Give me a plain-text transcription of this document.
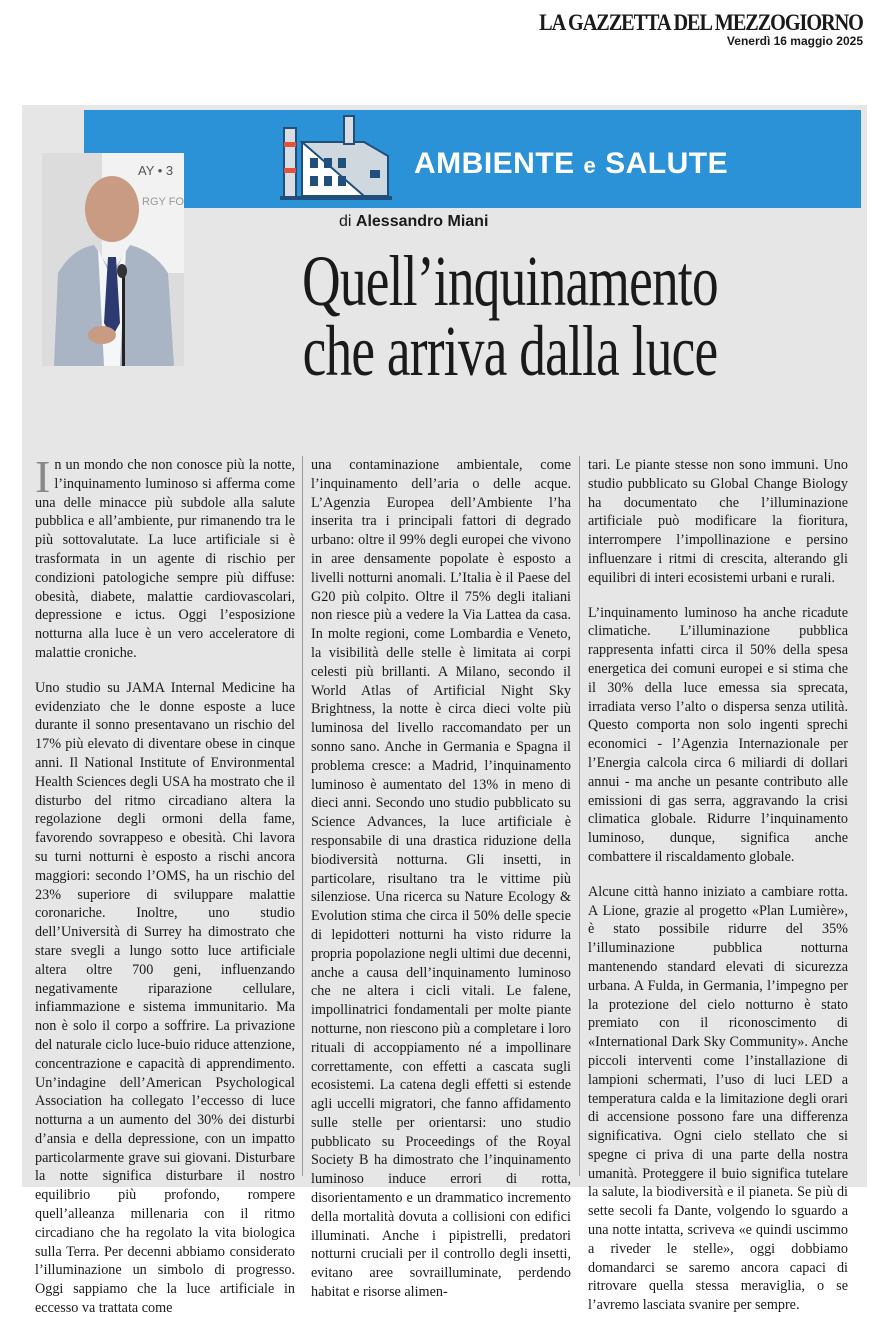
LA GAZZETTA DEL MEZZOGIORNO
Venerdì 16 maggio 2025
AMBIENTE e SALUTE
AY • 3
RGY FO
di Alessandro Miani
Quell’inquinamento
che arriva dalla luce

In un mondo che non conosce più la notte, l’inquinamento luminoso si afferma come una delle minacce più subdole alla salute pubblica e all’ambiente, pur rimanendo tra le più sottovalutate. La luce artificiale si è trasformata in un agente di rischio per condizioni patologiche sempre più diffuse: obesità, diabete, malattie cardiovascolari, depressione e ictus. Oggi l’esposizione notturna alla luce è un vero acceleratore di malattie croniche.

Uno studio su JAMA Internal Medicine ha evidenziato che le donne esposte a luce durante il sonno presentavano un rischio del 17% più elevato di diventare obese in cinque anni. Il National Institute of Environmental Health Sciences degli USA ha mostrato che il disturbo del ritmo circadiano altera la regolazione degli ormoni della fame, favorendo sovrappeso e obesità. Chi lavora su turni notturni è esposto a rischi ancora maggiori: secondo l’OMS, ha un rischio del 23% superiore di sviluppare malattie coronariche. Inoltre, uno studio dell’Università di Surrey ha dimostrato che stare svegli a lungo sotto luce artificiale altera oltre 700 geni, influenzando negativamente riparazione cellulare, infiammazione e sistema immunitario. Ma non è solo il corpo a soffrire. La privazione del naturale ciclo luce-buio riduce attenzione, concentrazione e capacità di apprendimento. Un’indagine dell’American Psychological Association ha collegato l’eccesso di luce notturna a un aumento del 30% dei disturbi d’ansia e della depressione, con un impatto particolarmente grave sui giovani. Disturbare la notte significa disturbare il nostro equilibrio più profondo, rompere quell’alleanza millenaria con il ritmo circadiano che ha regolato la vita biologica sulla Terra. Per decenni abbiamo considerato l’illuminazione un simbolo di progresso. Oggi sappiamo che la luce artificiale in eccesso va trattata come

una contaminazione ambientale, come l’inquinamento dell’aria o delle acque. L’Agenzia Europea dell’Ambiente l’ha inserita tra i principali fattori di degrado urbano: oltre il 99% degli europei che vivono in aree densamente popolate è esposto a livelli notturni anomali. L’Italia è il Paese del G20 più colpito. Oltre il 75% degli italiani non riesce più a vedere la Via Lattea da casa. In molte regioni, come Lombardia e Veneto, la visibilità delle stelle è limitata ai corpi celesti più brillanti. A Milano, secondo il World Atlas of Artificial Night Sky Brightness, la notte è circa dieci volte più luminosa del livello raccomandato per un sonno sano. Anche in Germania e Spagna il problema cresce: a Madrid, l’inquinamento luminoso è aumentato del 13% in meno di dieci anni. Secondo uno studio pubblicato su Science Advances, la luce artificiale è responsabile di una drastica riduzione della biodiversità notturna. Gli insetti, in particolare, risultano tra le vittime più silenziose. Una ricerca su Nature Ecology & Evolution stima che circa il 50% delle specie di lepidotteri notturni ha visto ridurre la propria popolazione negli ultimi due decenni, anche a causa dell’inquinamento luminoso che ne altera i cicli vitali. Le falene, impollinatrici fondamentali per molte piante notturne, non riescono più a completare i loro rituali di accoppiamento né a impollinare correttamente, con effetti a cascata sugli ecosistemi. La catena degli effetti si estende agli uccelli migratori, che fanno affidamento sulle stelle per orientarsi: uno studio pubblicato su Proceedings of the Royal Society B ha dimostrato che l’inquinamento luminoso induce errori di rotta, disorientamento e un drammatico incremento della mortalità dovuta a collisioni con edifici illuminati. Anche i pipistrelli, predatori notturni cruciali per il controllo degli insetti, evitano aree sovrailluminate, perdendo habitat e risorse alimen-

tari. Le piante stesse non sono immuni. Uno studio pubblicato su Global Change Biology ha documentato che l’illuminazione artificiale può modificare la fioritura, interrompere l’impollinazione e persino influenzare i ritmi di crescita, alterando gli equilibri di interi ecosistemi urbani e rurali.

L’inquinamento luminoso ha anche ricadute climatiche. L’illuminazione pubblica rappresenta infatti circa il 50% della spesa energetica dei comuni europei e si stima che il 30% della luce emessa sia sprecata, irradiata verso l’alto o dispersa senza utilità. Questo comporta non solo ingenti sprechi economici - l’Agenzia Internazionale per l’Energia calcola circa 6 miliardi di dollari annui - ma anche un pesante contributo alle emissioni di gas serra, aggravando la crisi climatica globale. Ridurre l’inquinamento luminoso, dunque, significa anche combattere il riscaldamento globale.

Alcune città hanno iniziato a cambiare rotta. A Lione, grazie al progetto «Plan Lumière», è stato possibile ridurre del 35% l’illuminazione pubblica notturna mantenendo standard elevati di sicurezza urbana. A Fulda, in Germania, l’impegno per la protezione del cielo notturno è stato premiato con il riconoscimento di «International Dark Sky Community». Anche piccoli interventi come l’installazione di lampioni schermati, l’uso di luci LED a temperatura calda e la limitazione degli orari di accensione possono fare una differenza significativa. Ogni cielo stellato che si spegne ci priva di una parte della nostra umanità. Proteggere il buio significa tutelare la salute, la biodiversità e il pianeta. Se più di sette secoli fa Dante, volgendo lo sguardo a una notte intatta, scriveva «e quindi uscimmo a riveder le stelle», oggi dobbiamo domandarci se saremo ancora capaci di ritrovare quella stessa meraviglia, o se l’avremo lasciata svanire per sempre.
